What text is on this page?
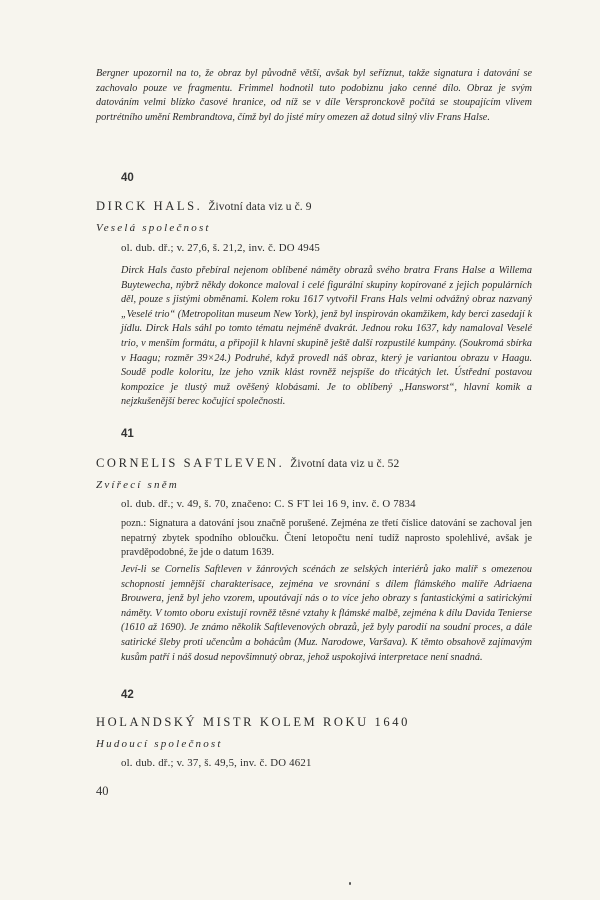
Bergner upozornil na to, že obraz byl původně větší, avšak byl seříznut, takže signatura i datování se zachovalo pouze ve fragmentu. Frimmel hodnotil tuto podobiznu jako cenné dílo. Obraz je svým datováním velmi blízko časové hranice, od níž se v díle Verspronckově počítá se stoupajícím vlivem portrétního umění Rembrandtova, čímž byl do jisté míry omezen až dotud silný vliv Frans Halse.

40
DIRCK HALS. Životní data viz u č. 9
Veselá společnost
ol. dub. dř.; v. 27,6, š. 21,2, inv. č. DO 4945

Dirck Hals často přebíral nejenom oblíbené náměty obrazů svého bratra Frans Halse a Willema Buytewecha, nýbrž někdy dokonce maloval i celé figurální skupiny kopírované z jejich populárních děl, pouze s jistými obměnami. Kolem roku 1617 vytvořil Frans Hals velmi odvážný obraz nazvaný „Veselé trio“ (Metropolitan museum New York), jenž byl inspirován okamžikem, kdy berci zasedají k jídlu. Dirck Hals sáhl po tomto tématu nejméně dvakrát. Jednou roku 1637, kdy namaloval Veselé trio, v menším formátu, a připojil k hlavní skupině ještě další rozpustilé kumpány. (Soukromá sbírka v Haagu; rozměr 39×24.) Podruhé, když provedl náš obraz, který je variantou obrazu v Haagu. Soudě podle koloritu, lze jeho vznik klást rovněž nejspíše do třicátých let. Ústřední postavou kompozice je tlustý muž ověšený klobásami. Je to oblíbený „Hansworst“, hlavní komik a nejzkušenější berec kočující společnosti.

41
CORNELIS SAFTLEVEN. Životní data viz u č. 52
Zvířecí sněm
ol. dub. dř.; v. 49, š. 70, značeno: C. S FT lei 16 9, inv. č. O 7834

pozn.: Signatura a datování jsou značně porušené. Zejména ze třetí číslice datování se zachoval jen nepatrný zbytek spodního obloučku. Čtení letopočtu není tudíž naprosto spolehlivé, avšak je pravděpodobné, že jde o datum 1639.

Jeví-li se Cornelis Saftleven v žánrových scénách ze selských interiérů jako malíř s omezenou schopností jemnější charakterisace, zejména ve srovnání s dílem flámského malíře Adriaena Brouwera, jenž byl jeho vzorem, upoutávají nás o to více jeho obrazy s fantastickými a satirickými náměty. V tomto oboru existují rovněž těsné vztahy k flámské malbě, zejména k dílu Davida Teniersе (1610 až 1690). Je známo několik Saftlevenových obrazů, jež byly parodií na soudní proces, a dále satirické šleby proti učencům a bohácům (Muz. Narodowe, Varšava). K těmto obsahově zajímavým kusům patří i náš dosud nepovšimnutý obraz, jehož uspokojivá interpretace není snadná.

42
HOLANDSKÝ MISTR KOLEM ROKU 1640
Hudoucí společnost
ol. dub. dř.; v. 37, š. 49,5, inv. č. DO 4621
40
